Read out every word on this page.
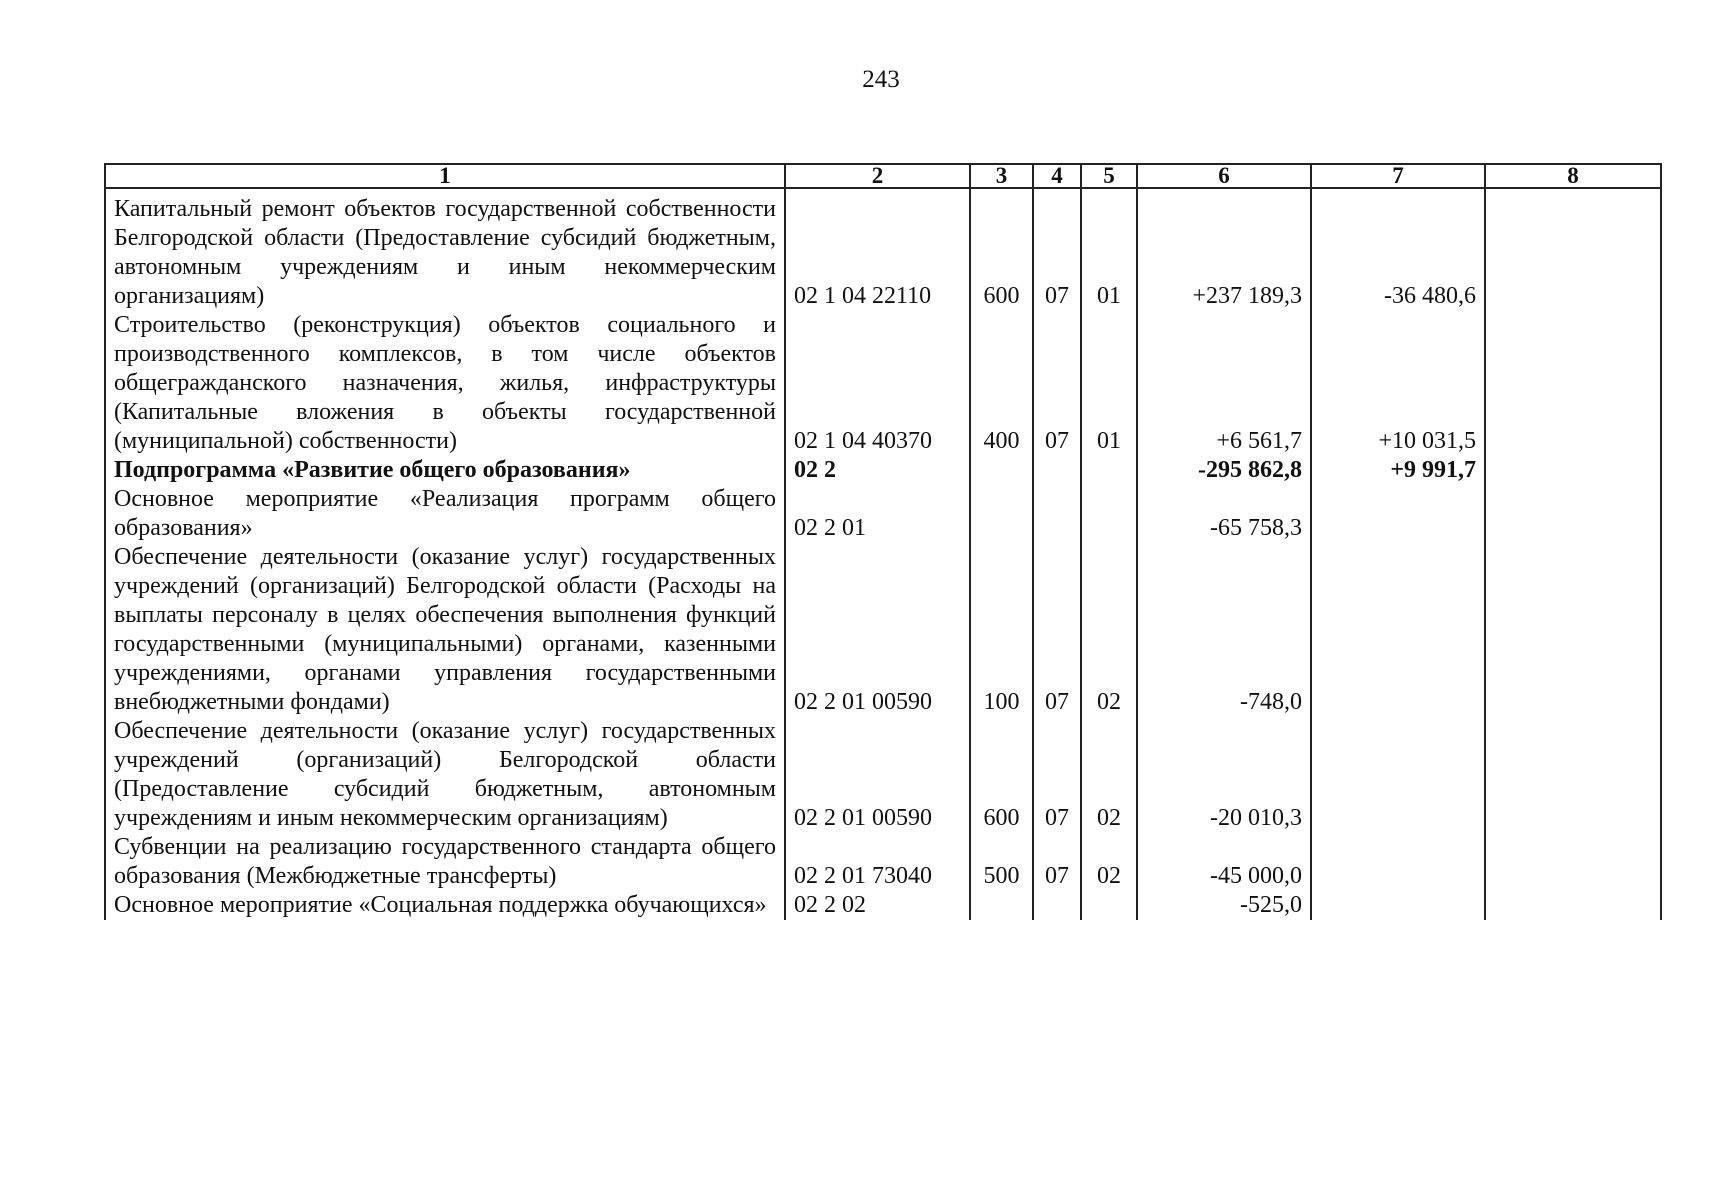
243
1	2	3	4	5	6	7	8
Капитальный ремонт объектов государственной собственности Белгородской области (Предоставление субсидий бюджетным, автономным учреждениям и иным некоммерческим организациям)	02 1 04 22110	600	07	01	+237 189,3	-36 480,6	
Строительство (реконструкция) объектов социального и производственного комплексов, в том числе объектов общегражданского назначения, жилья, инфраструктуры (Капитальные вложения в объекты государственной (муниципальной) собственности)	02 1 04 40370	400	07	01	+6 561,7	+10 031,5	
Подпрограмма «Развитие общего образования»	02 2				-295 862,8	+9 991,7	
Основное мероприятие «Реализация программ общего образования»	02 2 01				-65 758,3		
Обеспечение деятельности (оказание услуг) государственных учреждений (организаций) Белгородской области (Расходы на выплаты персоналу в целях обеспечения выполнения функций государственными (муниципальными) органами, казенными учреждениями, органами управления государственными внебюджетными фондами)	02 2 01 00590	100	07	02	-748,0		
Обеспечение деятельности (оказание услуг) государственных учреждений (организаций) Белгородской области (Предоставление субсидий бюджетным, автономным учреждениям и иным некоммерческим организациям)	02 2 01 00590	600	07	02	-20 010,3		
Субвенции на реализацию государственного стандарта общего образования (Межбюджетные трансферты)	02 2 01 73040	500	07	02	-45 000,0		
Основное мероприятие «Социальная поддержка обучающихся»	02 2 02				-525,0		
